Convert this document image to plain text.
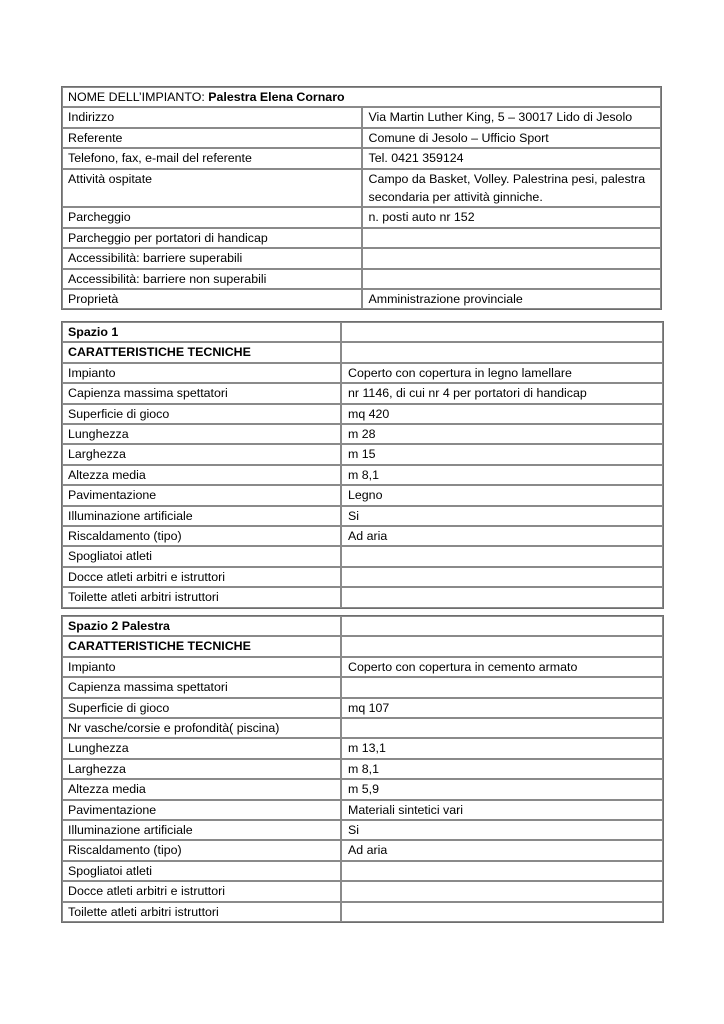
NOME DELL’IMPIANTO: Palestra Elena Cornaro	
Indirizzo	Via Martin Luther King, 5 – 30017 Lido di Jesolo
Referente	Comune di Jesolo – Ufficio Sport
Telefono, fax, e-mail del referente	Tel. 0421 359124
Attività ospitate	Campo da Basket, Volley. Palestrina pesi, palestra secondaria per attività ginniche.
Parcheggio	n. posti auto nr 152
Parcheggio per portatori di handicap	
Accessibilità: barriere superabili	
Accessibilità: barriere non superabili	
Proprietà	Amministrazione provinciale
Spazio 1	
CARATTERISTICHE TECNICHE	
Impianto	Coperto con copertura in legno lamellare
Capienza massima spettatori	nr 1146, di cui nr 4 per portatori di handicap
Superficie di gioco	mq 420
Lunghezza	m 28
Larghezza	m 15
Altezza media	m 8,1
Pavimentazione	Legno
Illuminazione artificiale	Si
Riscaldamento (tipo)	Ad aria
Spogliatoi atleti	
Docce atleti arbitri e istruttori	
Toilette atleti arbitri istruttori	
Spazio 2 Palestra	
CARATTERISTICHE TECNICHE	
Impianto	Coperto con copertura in cemento armato
Capienza massima spettatori	
Superficie di gioco	mq 107
Nr vasche/corsie e profondità( piscina)	
Lunghezza	m 13,1
Larghezza	m 8,1
Altezza media	m 5,9
Pavimentazione	Materiali sintetici vari
Illuminazione artificiale	Si
Riscaldamento (tipo)	Ad aria
Spogliatoi atleti	
Docce atleti arbitri e istruttori	
Toilette atleti arbitri istruttori	
